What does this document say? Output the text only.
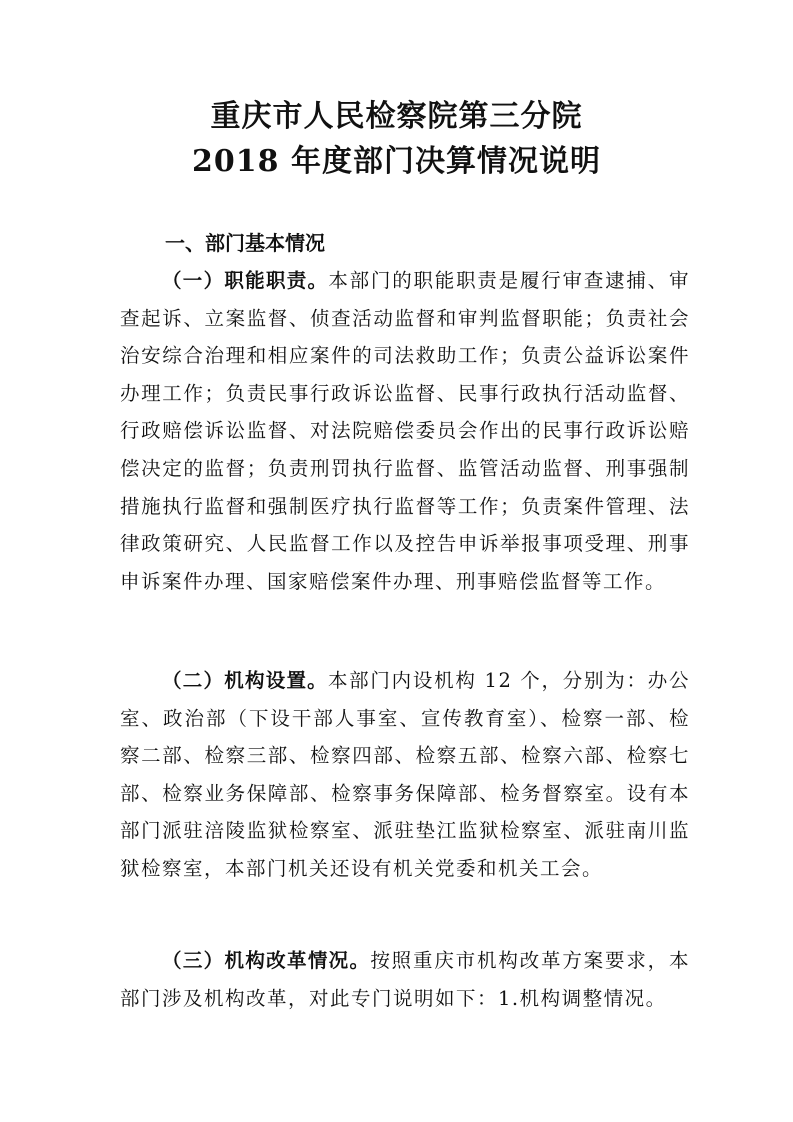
重庆市人民检察院第三分院
2018 年度部门决算情况说明
一、部门基本情况
（一）职能职责。本部门的职能职责是履行审查逮捕、审查起诉、立案监督、侦查活动监督和审判监督职能；负责社会治安综合治理和相应案件的司法救助工作；负责公益诉讼案件办理工作；负责民事行政诉讼监督、民事行政执行活动监督、行政赔偿诉讼监督、对法院赔偿委员会作出的民事行政诉讼赔偿决定的监督；负责刑罚执行监督、监管活动监督、刑事强制措施执行监督和强制医疗执行监督等工作；负责案件管理、法律政策研究、人民监督工作以及控告申诉举报事项受理、刑事申诉案件办理、国家赔偿案件办理、刑事赔偿监督等工作。
（二）机构设置。本部门内设机构 12 个，分别为：办公室、政治部（下设干部人事室、宣传教育室）、检察一部、检察二部、检察三部、检察四部、检察五部、检察六部、检察七部、检察业务保障部、检察事务保障部、检务督察室。设有本部门派驻涪陵监狱检察室、派驻垫江监狱检察室、派驻南川监狱检察室，本部门机关还设有机关党委和机关工会。
（三）机构改革情况。按照重庆市机构改革方案要求，本部门涉及机构改革，对此专门说明如下：1.机构调整情况。
